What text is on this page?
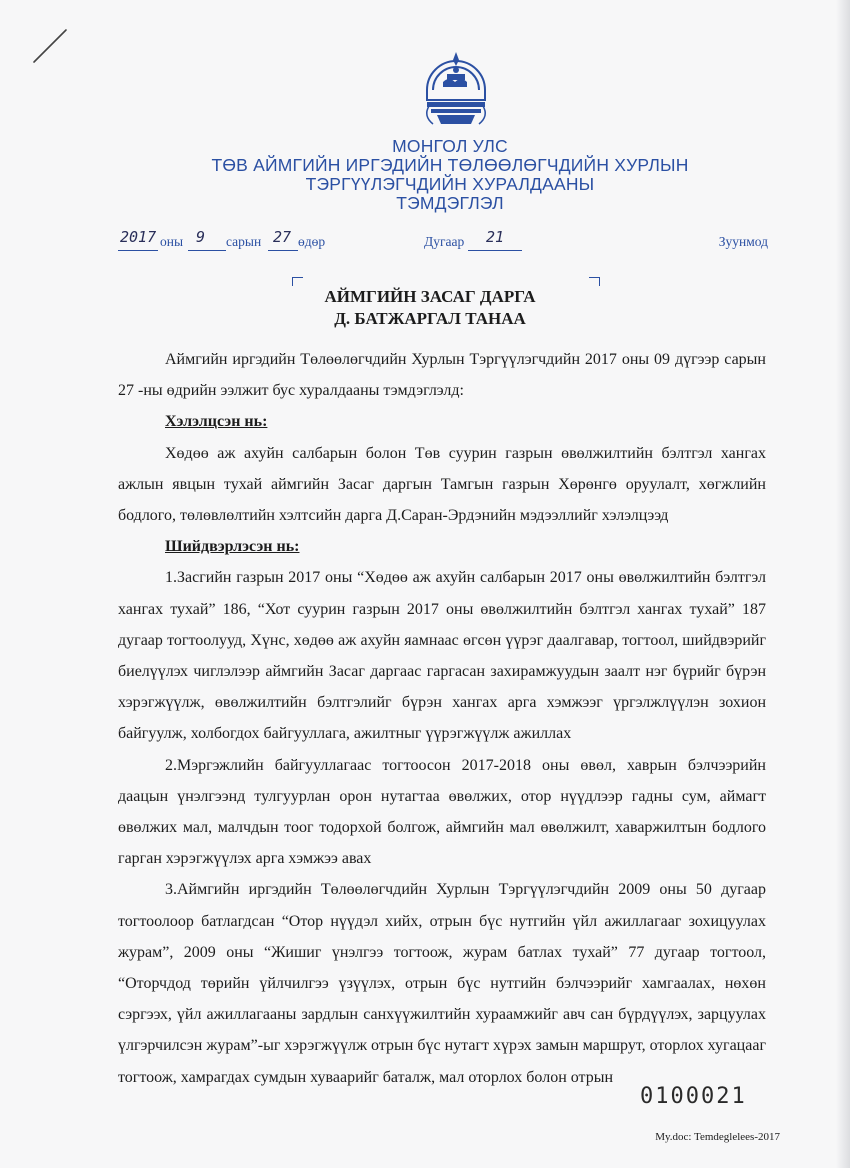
МОНГОЛ УЛС
ТӨВ АЙМГИЙН ИРГЭДИЙН ТӨЛӨӨЛӨГЧДИЙН ХУРЛЫН
ТЭРГҮҮЛЭГЧДИЙН ХУРАЛДААНЫ
ТЭМДЭГЛЭЛ
2017 оны 9 сарын 27 өдөр	Дугаар 21	Зуунмод
АЙМГИЙН ЗАСАГ ДАРГА
Д. БАТЖАРГАЛ ТАНАА

Аймгийн иргэдийн Төлөөлөгчдийн Хурлын Тэргүүлэгчдийн 2017 оны 09 дүгээр сарын 27 -ны өдрийн ээлжит бус хуралдааны тэмдэглэлд:

Хэлэлцсэн нь:

Хөдөө аж ахуйн салбарын болон Төв суурин газрын өвөлжилтийн бэлтгэл хангах ажлын явцын тухай аймгийн Засаг даргын Тамгын газрын Хөрөнгө оруулалт, хөгжлийн бодлого, төлөвлөлтийн хэлтсийн дарга Д.Саран-Эрдэнийн мэдээллийг хэлэлцээд

Шийдвэрлэсэн нь:

1.Засгийн газрын 2017 оны “Хөдөө аж ахуйн салбарын 2017 оны өвөлжилтийн бэлтгэл хангах тухай” 186, “Хот суурин газрын 2017 оны өвөлжилтийн бэлтгэл хангах тухай” 187 дугаар тогтоолууд, Хүнс, хөдөө аж ахуйн яамнаас өгсөн үүрэг даалгавар, тогтоол, шийдвэрийг биелүүлэх чиглэлээр аймгийн Засаг даргаас гаргасан захирамжуудын заалт нэг бүрийг бүрэн хэрэгжүүлж, өвөлжилтийн бэлтгэлийг бүрэн хангах арга хэмжээг үргэлжлүүлэн зохион байгуулж, холбогдох байгууллага, ажилтныг үүрэгжүүлж ажиллах

2.Мэргэжлийн байгууллагаас тогтоосон 2017-2018 оны өвөл, хаврын бэлчээрийн даацын үнэлгээнд тулгуурлан орон нутагтаа өвөлжих, отор нүүдлээр гадны сум, аймагт өвөлжих мал, малчдын тоог тодорхой болгож, аймгийн мал өвөлжилт, хаваржилтын бодлого гарган хэрэгжүүлэх арга хэмжээ авах

3.Аймгийн иргэдийн Төлөөлөгчдийн Хурлын Тэргүүлэгчдийн 2009 оны 50 дугаар тогтоолоор батлагдсан “Отор нүүдэл хийх, отрын бүс нутгийн үйл ажиллагааг зохицуулах журам”, 2009 оны “Жишиг үнэлгээ тогтоож, журам батлах тухай” 77 дугаар тогтоол, “Оторчдод төрийн үйлчилгээ үзүүлэх, отрын бүс нутгийн бэлчээрийг хамгаалах, нөхөн сэргээх, үйл ажиллагааны зардлын санхүүжилтийн хураамжийг авч сан бүрдүүлэх, зарцуулах үлгэрчилсэн журам”-ыг хэрэгжүүлж отрын бүс нутагт хүрэх замын маршрут, оторлох хугацааг тогтоож, хамрагдах сумдын хуваарийг баталж, мал оторлох болон отрын

0100021
My.doc: Temdeglelees-2017
